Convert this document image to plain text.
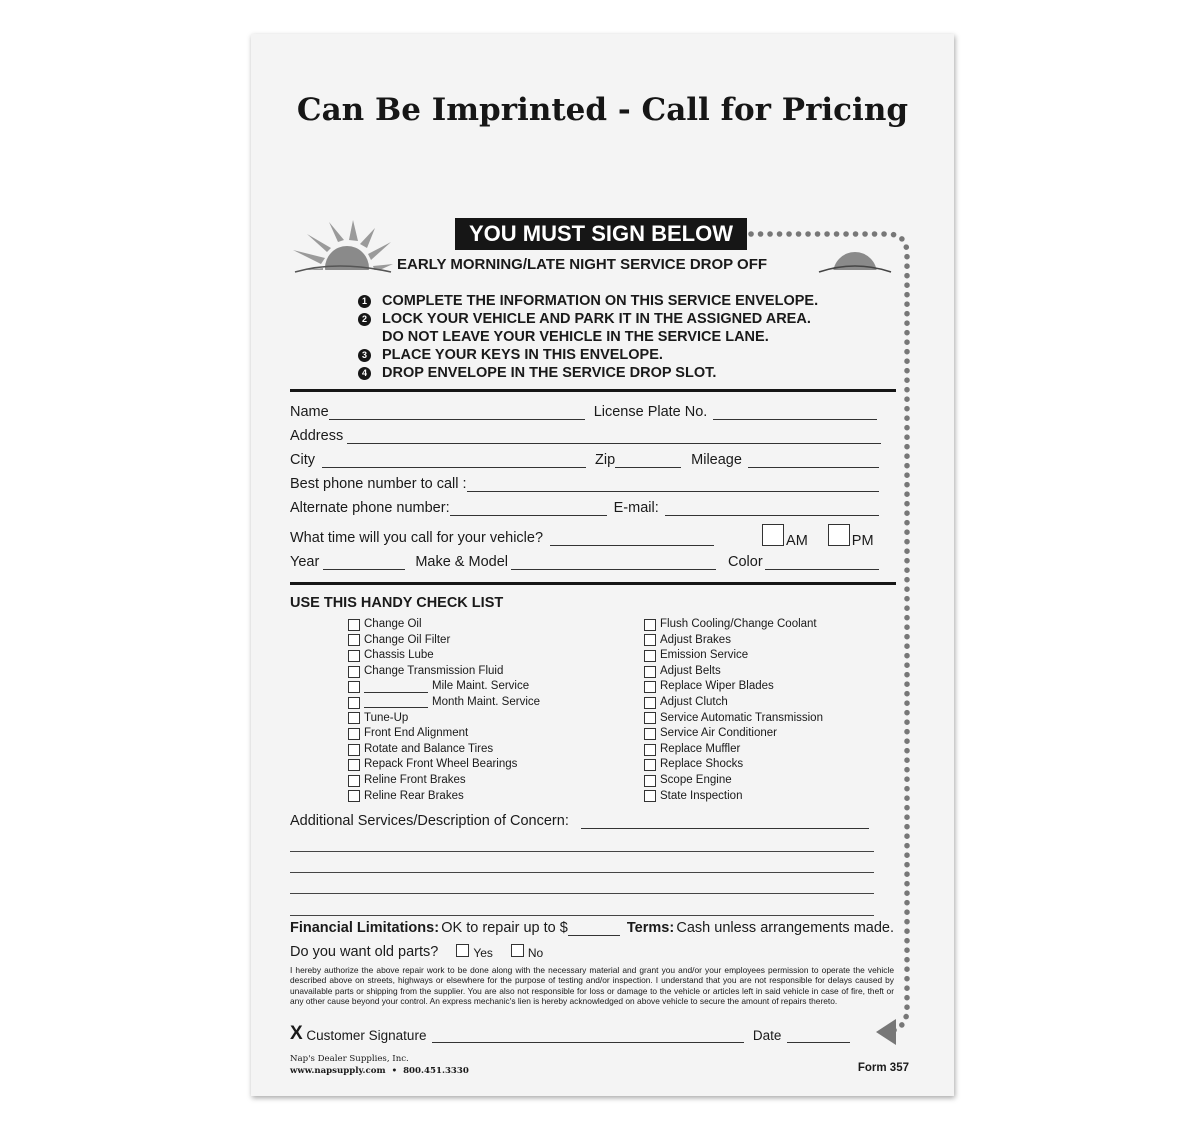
Can Be Imprinted - Call for Pricing
YOU MUST SIGN BELOW
EARLY MORNING/LATE NIGHT SERVICE DROP OFF
1 COMPLETE THE INFORMATION ON THIS SERVICE ENVELOPE.
2 LOCK YOUR VEHICLE AND PARK IT IN THE ASSIGNED AREA.
DO NOT LEAVE YOUR VEHICLE IN THE SERVICE LANE.
3 PLACE YOUR KEYS IN THIS ENVELOPE.
4 DROP ENVELOPE IN THE SERVICE DROP SLOT.
Name	License Plate No.
Address
City	Zip	Mileage
Best phone number to call :
Alternate phone number:	E-mail:
What time will you call for your vehicle?	AM	PM
Year	Make & Model	Color
USE THIS HANDY CHECK LIST
Change Oil
Change Oil Filter
Chassis Lube
Change Transmission Fluid
Mile Maint. Service
Month Maint. Service
Tune-Up
Front End Alignment
Rotate and Balance Tires
Repack Front Wheel Bearings
Reline Front Brakes
Reline Rear Brakes
Flush Cooling/Change Coolant
Adjust Brakes
Emission Service
Adjust Belts
Replace Wiper Blades
Adjust Clutch
Service Automatic Transmission
Service Air Conditioner
Replace Muffler
Replace Shocks
Scope Engine
State Inspection
Additional Services/Description of Concern:
Financial Limitations: OK to repair up to $	Terms: Cash unless arrangements made.
Do you want old parts?	Yes	No
I hereby authorize the above repair work to be done along with the necessary material and grant you and/or your employees permission to operate the vehicle described above on streets, highways or elsewhere for the purpose of testing and/or inspection. I understand that you are not responsible for delays caused by unavailable parts or shipping from the supplier. You are also not responsible for loss or damage to the vehicle or articles left in said vehicle in case of fire, theft or any other cause beyond your control. An express mechanic's lien is hereby acknowledged on above vehicle to secure the amount of repairs thereto.
X Customer Signature	Date
Nap's Dealer Supplies, Inc.
www.napsupply.com • 800.451.3330	Form 357
